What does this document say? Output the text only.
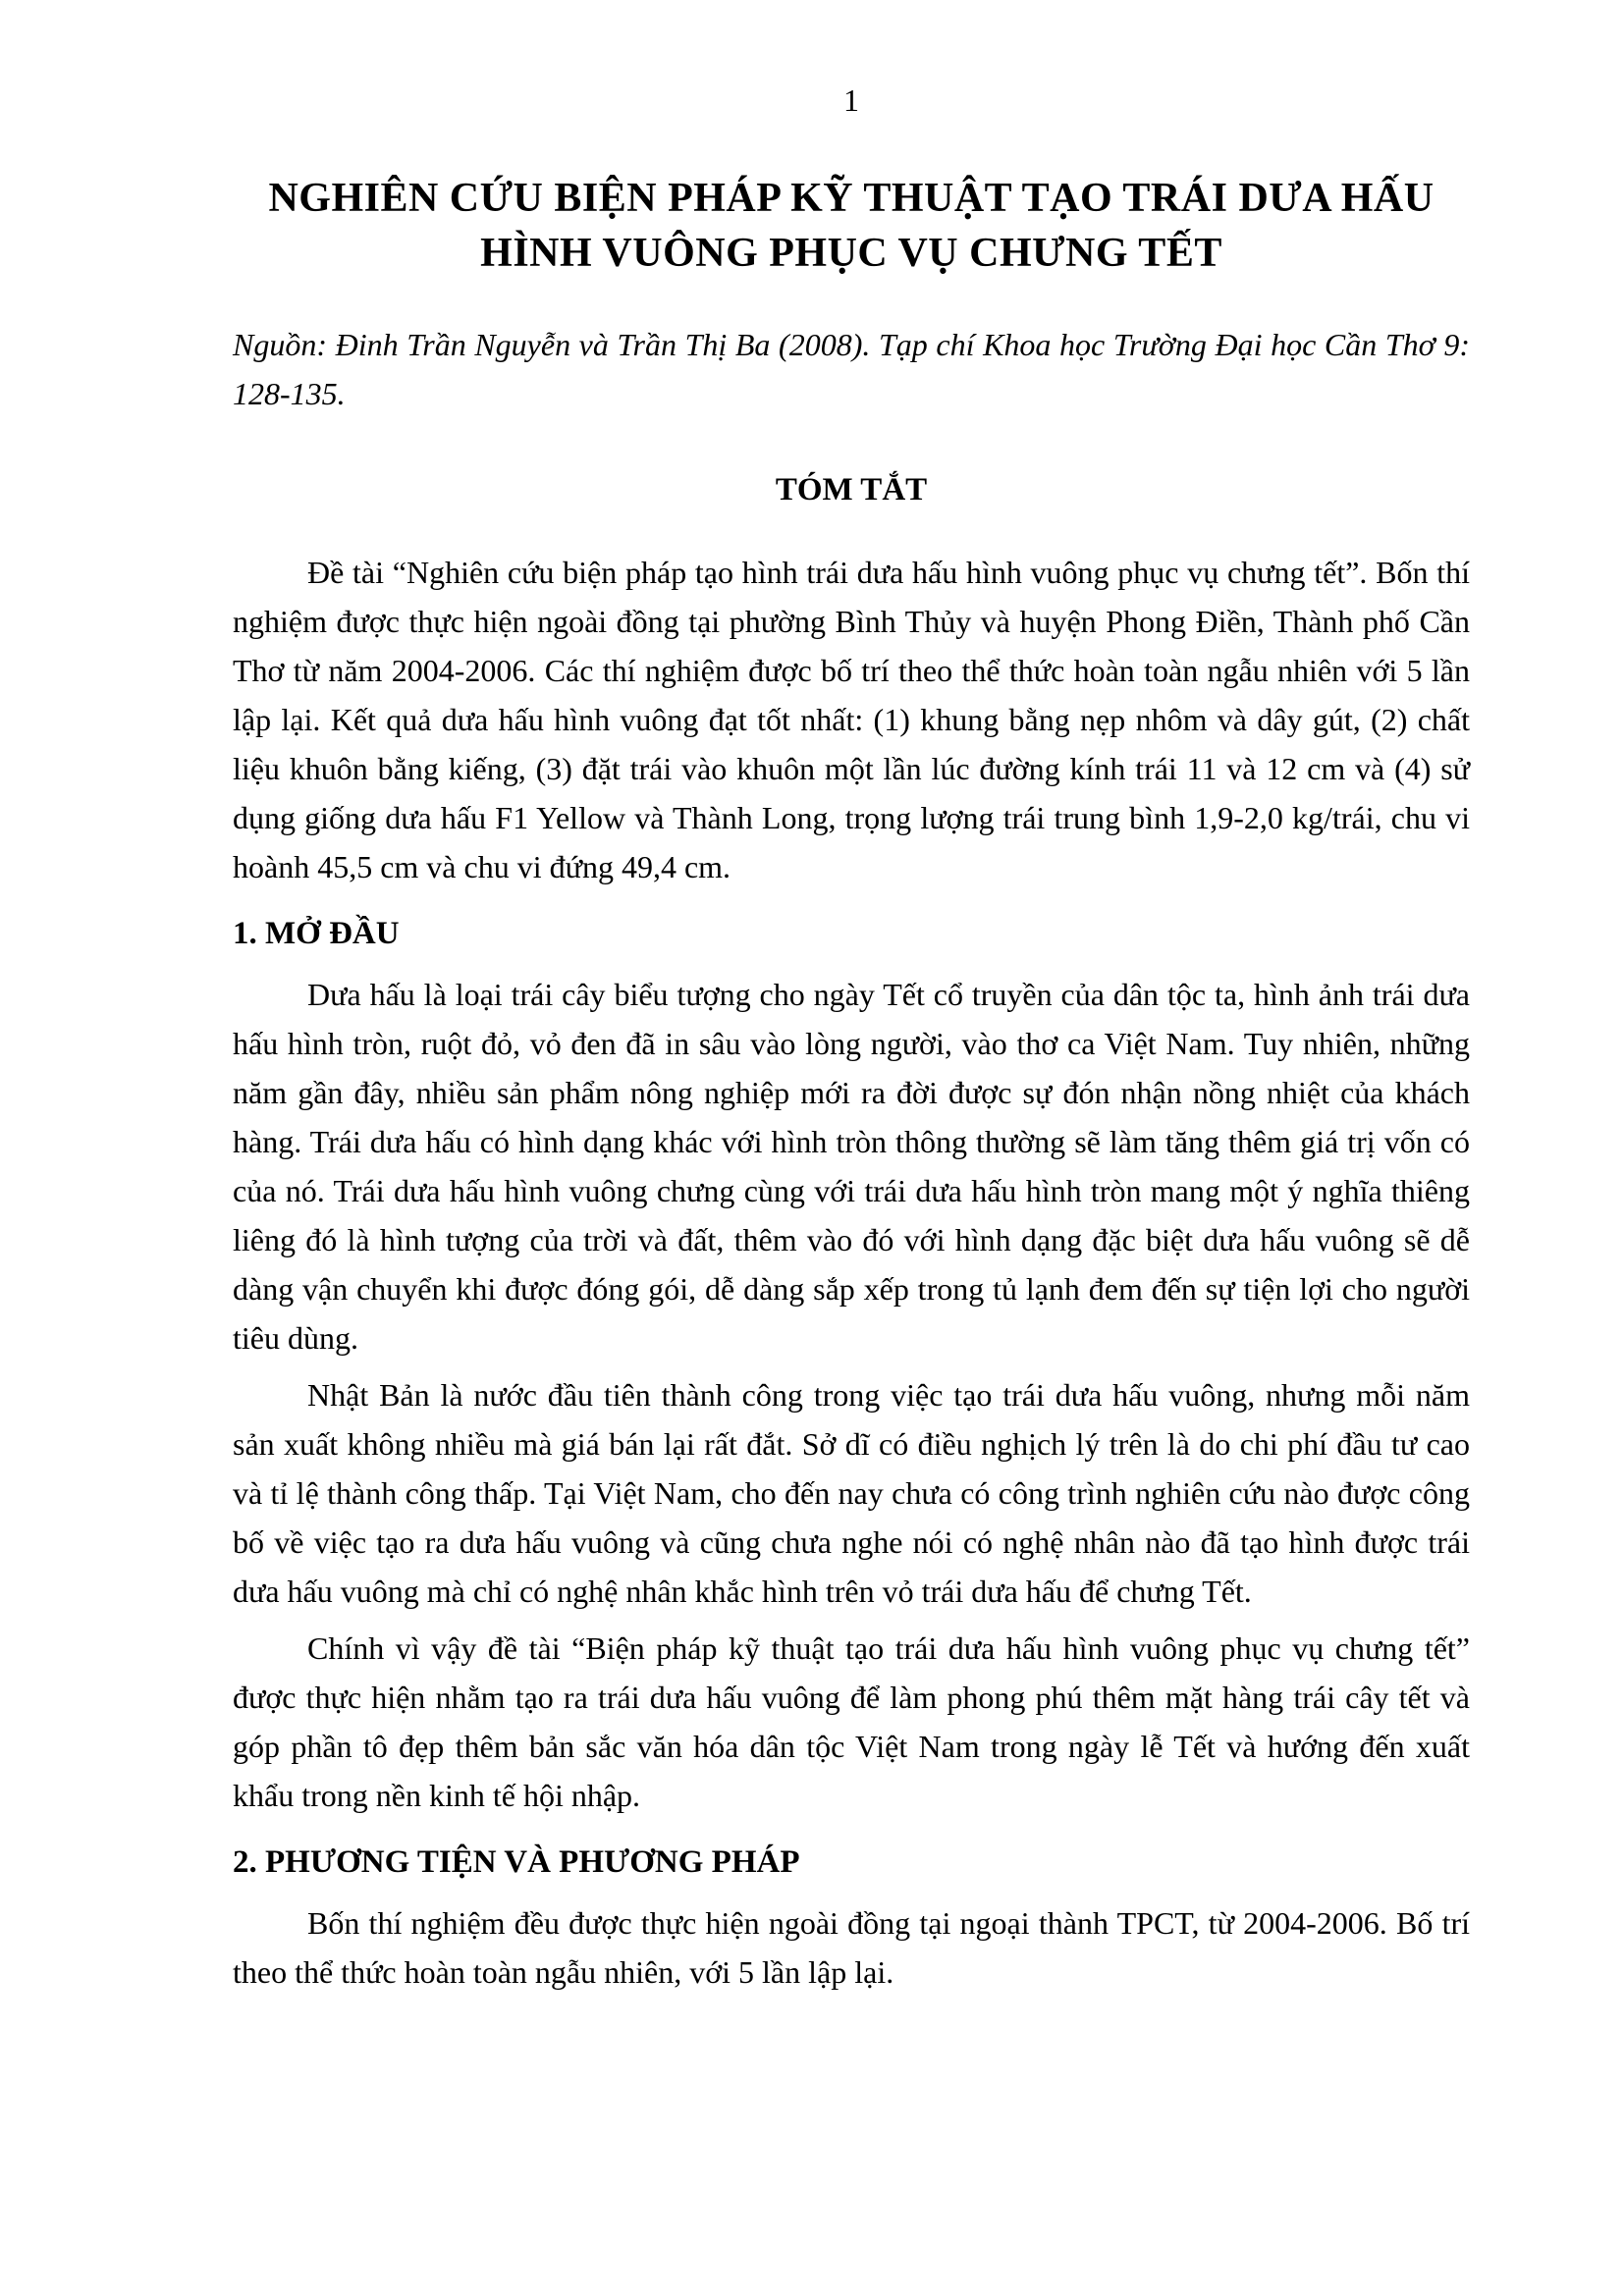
1
NGHIÊN CỨU BIỆN PHÁP KỸ THUẬT TẠO TRÁI DƯA HẤU
HÌNH VUÔNG PHỤC VỤ CHƯNG TẾT

Nguồn: Đinh Trần Nguyễn và Trần Thị Ba (2008). Tạp chí Khoa học Trường Đại học Cần Thơ 9: 128-135.

TÓM TẮT

Đề tài “Nghiên cứu biện pháp tạo hình trái dưa hấu hình vuông phục vụ chưng tết”. Bốn thí nghiệm được thực hiện ngoài đồng tại phường Bình Thủy và huyện Phong Điền, Thành phố Cần Thơ từ năm 2004-2006. Các thí nghiệm được bố trí theo thể thức hoàn toàn ngẫu nhiên với 5 lần lập lại. Kết quả dưa hấu hình vuông đạt tốt nhất: (1) khung bằng nẹp nhôm và dây gút, (2) chất liệu khuôn bằng kiếng, (3) đặt trái vào khuôn một lần lúc đường kính trái 11 và 12 cm và (4) sử dụng giống dưa hấu F1 Yellow và Thành Long, trọng lượng trái trung bình 1,9-2,0 kg/trái, chu vi hoành 45,5 cm và chu vi đứng 49,4 cm.

1. MỞ ĐẦU

Dưa hấu là loại trái cây biểu tượng cho ngày Tết cổ truyền của dân tộc ta, hình ảnh trái dưa hấu hình tròn, ruột đỏ, vỏ đen đã in sâu vào lòng người, vào thơ ca Việt Nam. Tuy nhiên, những năm gần đây, nhiều sản phẩm nông nghiệp mới ra đời được sự đón nhận nồng nhiệt của khách hàng. Trái dưa hấu có hình dạng khác với hình tròn thông thường sẽ làm tăng thêm giá trị vốn có của nó. Trái dưa hấu hình vuông chưng cùng với trái dưa hấu hình tròn mang một ý nghĩa thiêng liêng đó là hình tượng của trời và đất, thêm vào đó với hình dạng đặc biệt dưa hấu vuông sẽ dễ dàng vận chuyển khi được đóng gói, dễ dàng sắp xếp trong tủ lạnh đem đến sự tiện lợi cho người tiêu dùng.

Nhật Bản là nước đầu tiên thành công trong việc tạo trái dưa hấu vuông, nhưng mỗi năm sản xuất không nhiều mà giá bán lại rất đắt. Sở dĩ có điều nghịch lý trên là do chi phí đầu tư cao và tỉ lệ thành công thấp. Tại Việt Nam, cho đến nay chưa có công trình nghiên cứu nào được công bố về việc tạo ra dưa hấu vuông và cũng chưa nghe nói có nghệ nhân nào đã tạo hình được trái dưa hấu vuông mà chỉ có nghệ nhân khắc hình trên vỏ trái dưa hấu để chưng Tết.

Chính vì vậy đề tài “Biện pháp kỹ thuật tạo trái dưa hấu hình vuông phục vụ chưng tết” được thực hiện nhằm tạo ra trái dưa hấu vuông để làm phong phú thêm mặt hàng trái cây tết và góp phần tô đẹp thêm bản sắc văn hóa dân tộc Việt Nam trong ngày lễ Tết và hướng đến xuất khẩu trong nền kinh tế hội nhập.

2. PHƯƠNG TIỆN VÀ PHƯƠNG PHÁP

Bốn thí nghiệm đều được thực hiện ngoài đồng tại ngoại thành TPCT, từ 2004-2006. Bố trí theo thể thức hoàn toàn ngẫu nhiên, với 5 lần lập lại.
